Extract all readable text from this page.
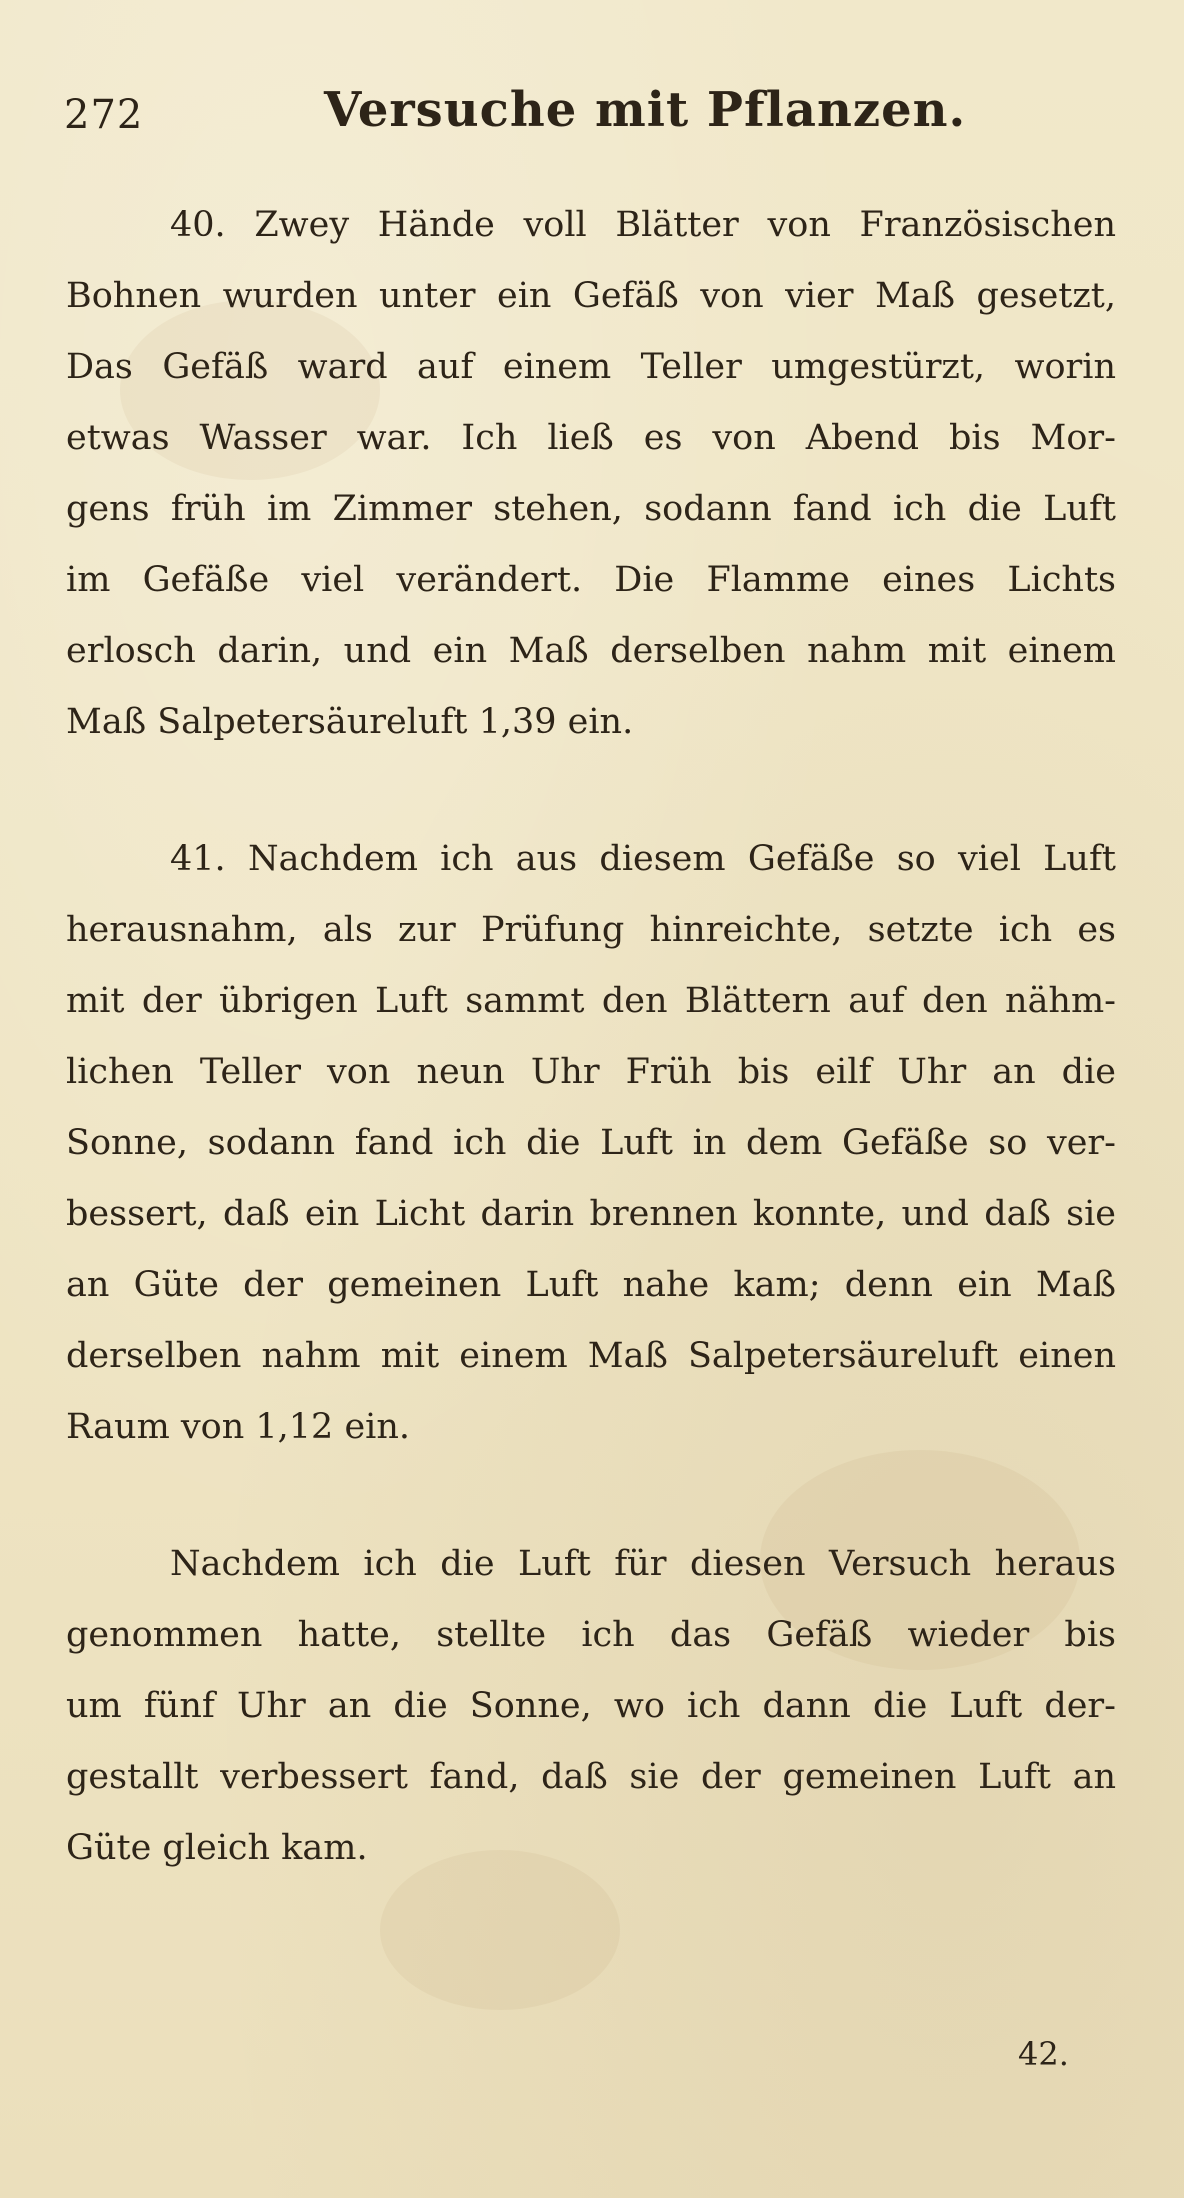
272	Versuche mit Pflanzen.

40. Zwey Hände voll Blätter von Französischen
Bohnen wurden unter ein Gefäß von vier Maß gesetzt,
Das Gefäß ward auf einem Teller umgestürzt, worin
etwas Wasser war. Ich ließ es von Abend bis Mor-
gens früh im Zimmer stehen, sodann fand ich die Luft
im Gefäße viel verändert. Die Flamme eines Lichts
erlosch darin, und ein Maß derselben nahm mit einem
Maß Salpetersäureluft 1,39 ein.

41. Nachdem ich aus diesem Gefäße so viel Luft
herausnahm, als zur Prüfung hinreichte, setzte ich es
mit der übrigen Luft sammt den Blättern auf den nähm-
lichen Teller von neun Uhr Früh bis eilf Uhr an die
Sonne, sodann fand ich die Luft in dem Gefäße so ver-
bessert, daß ein Licht darin brennen konnte, und daß sie
an Güte der gemeinen Luft nahe kam; denn ein Maß
derselben nahm mit einem Maß Salpetersäureluft einen
Raum von 1,12 ein.

Nachdem ich die Luft für diesen Versuch heraus
genommen hatte, stellte ich das Gefäß wieder bis
um fünf Uhr an die Sonne, wo ich dann die Luft der-
gestallt verbessert fand, daß sie der gemeinen Luft an
Güte gleich kam.

42.
